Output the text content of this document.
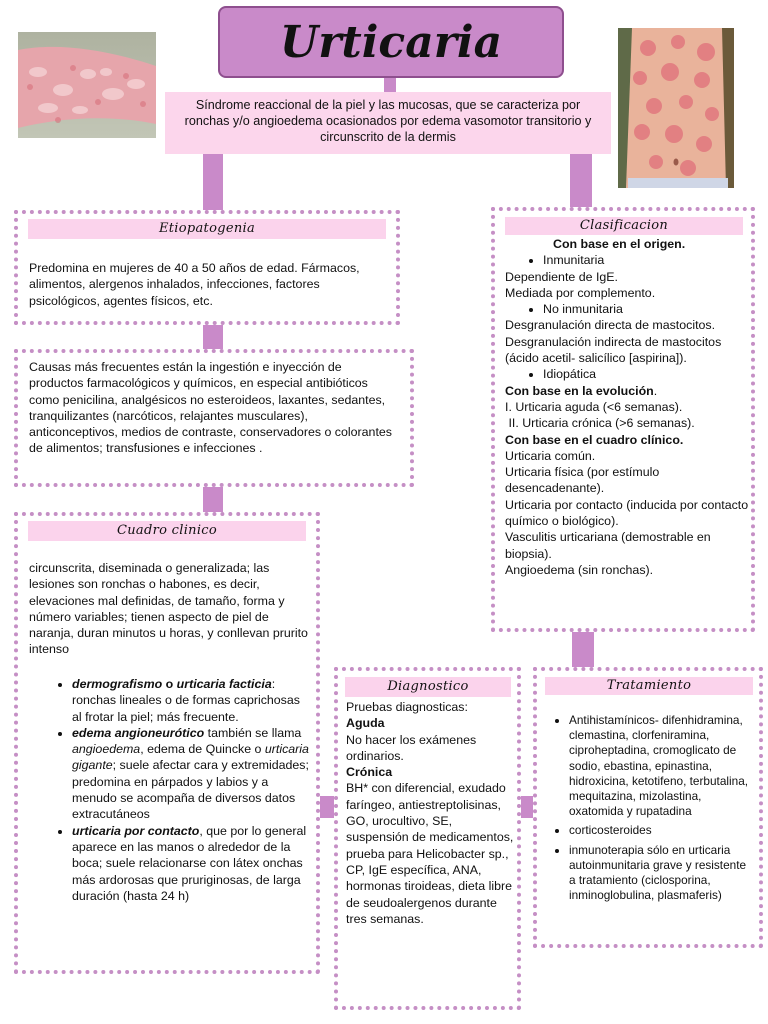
Urticaria
Síndrome reaccional de la piel y las mucosas, que se caracteriza por ronchas y/o angioedema ocasionados por edema vasomotor transitorio y circunscrito de la dermis
Etiopatogenia
Predomina en mujeres de 40 a 50 años de edad. Fármacos, alimentos, alergenos inhalados, infecciones, factores psicológicos, agentes físicos, etc.
Causas más frecuentes están la ingestión e inyección de productos farmacológicos y químicos, en especial antibióticos como penicilina, analgésicos no esteroideos, laxantes, sedantes, tranquilizantes (narcóticos, relajantes musculares), anticonceptivos, medios de contraste, conservadores o colorantes de alimentos; transfusiones e infecciones .
Cuadro clinico
circunscrita, diseminada o generalizada; las lesiones son ronchas o habones, es decir, elevaciones mal definidas, de tamaño, forma y número variables; tienen aspecto de piel de naranja, duran minutos u horas, y conllevan prurito intenso
• dermografismo o urticaria facticia: ronchas lineales o de formas caprichosas al frotar la piel; más frecuente.
• edema angioneurótico también se llama angioedema, edema de Quincke o urticaria gigante; suele afectar cara y extremidades; predomina en párpados y labios y a menudo se acompaña de diversos datos extracutáneos
• urticaria por contacto, que por lo general aparece en las manos o alrededor de la boca; suele relacionarse con látex onchas más ardorosas que pruriginosas, de larga duración (hasta 24 h)
Clasificacion

Con base en el origen.

• Inmunitaria

Dependiente de IgE.

Mediada por complemento.

• No inmunitaria

Desgranulación directa de mastocitos.

Desgranulación indirecta de mastocitos (ácido acetil- salicílico [aspirina]).

• Idiopática

Con base en la evolución.

I. Urticaria aguda (<6 semanas).

II. Urticaria crónica (>6 semanas).

Con base en el cuadro clínico.

Urticaria común.

Urticaria física (por estímulo desencadenante).

Urticaria por contacto (inducida por contacto químico o biológico).

Vasculitis urticariana (demostrable en biopsia).

Angioedema (sin ronchas).

Diagnostico

Pruebas diagnosticas:

Aguda

No hacer los exámenes ordinarios.

Crónica

BH* con diferencial, exudado faríngeo, antiestreptolisinas, GO, urocultivo, SE, suspensión de medicamentos, prueba para Helicobacter sp., CP, IgE específica, ANA, hormonas tiroideas, dieta libre de seudoalergenos durante tres semanas.

Tratamiento
• Antihistamínicos- difenhidramina, clemastina, clorfeniramina, ciproheptadina, cromoglicato de sodio, ebastina, epinastina, hidroxicina, ketotifeno, terbutalina, mequitazina, mizolastina, oxatomida y rupatadina
• corticosteroides
• inmunoterapia sólo en urticaria autoinmunitaria grave y resistente a tratamiento (ciclosporina, inminoglobulina, plasmaferis)
